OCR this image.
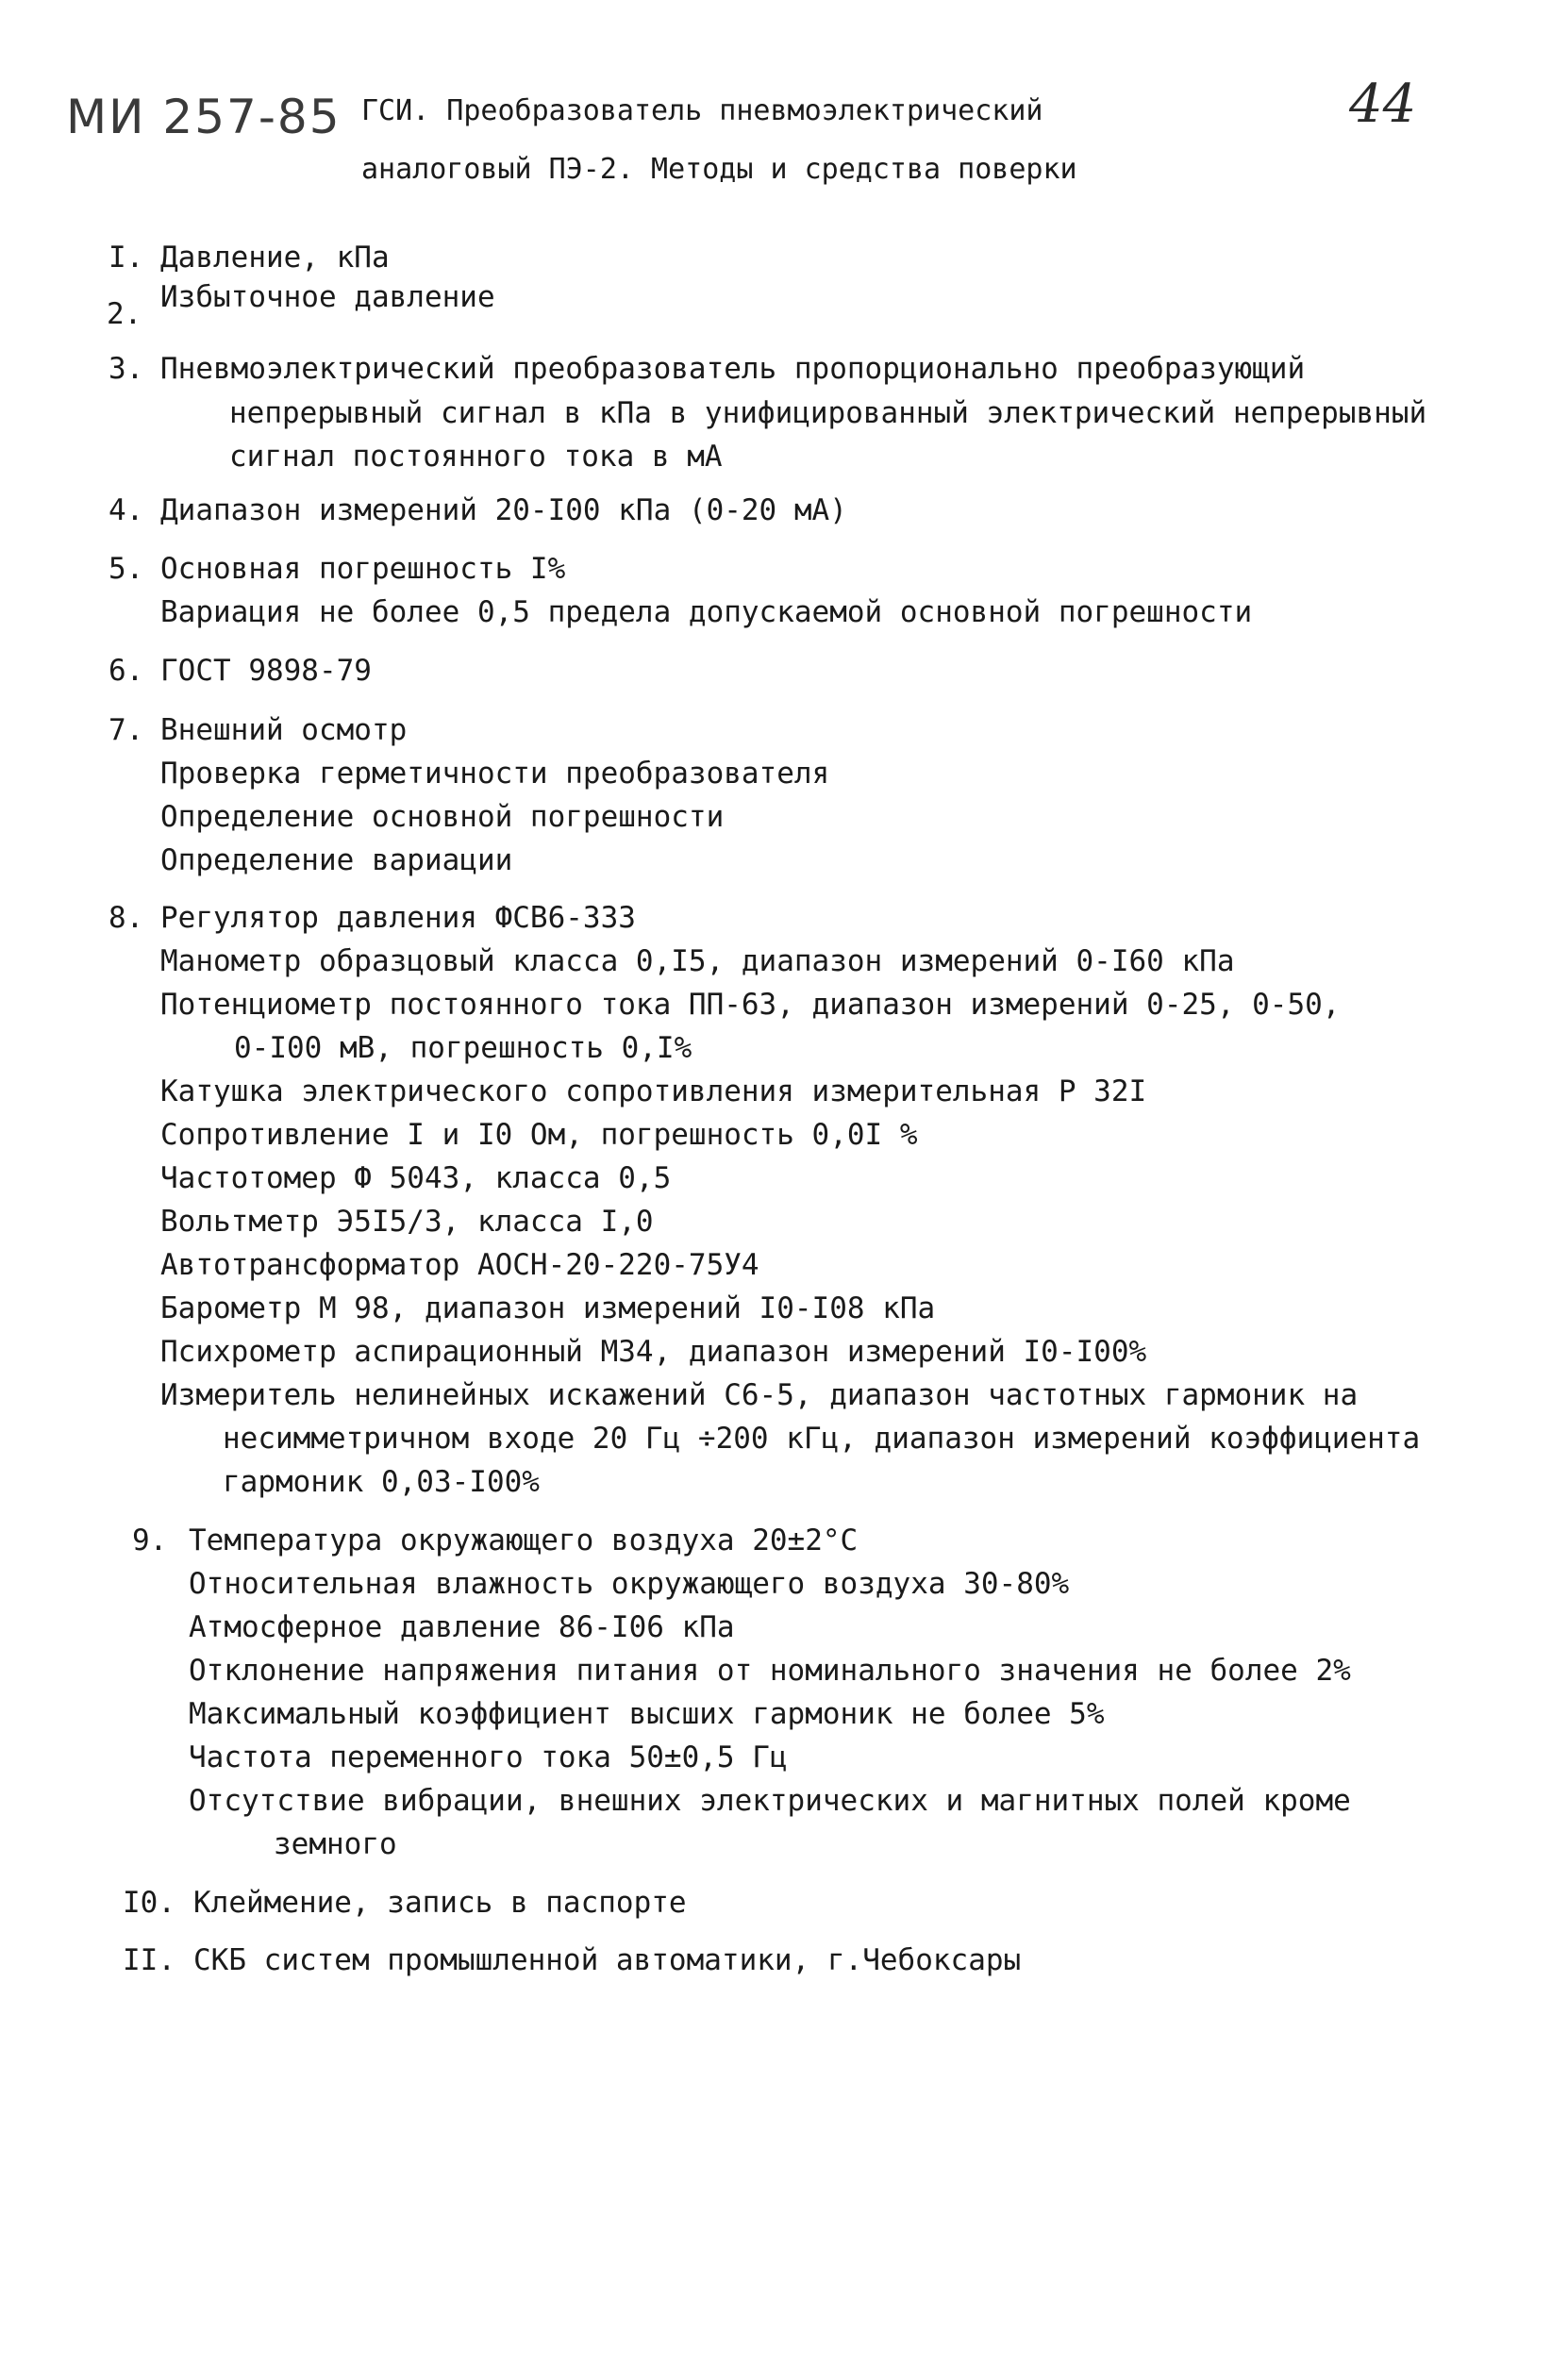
МИ 257-85 ГСИ. Преобразователь пневмоэлектрический
аналоговый ПЭ-2. Методы и средства поверки
44
I. Давление, кПа
2. Избыточное давление
3. Пневмоэлектрический преобразователь пропорционально преобразующий
непрерывный сигнал в кПа в унифицированный электрический непрерывный
сигнал постоянного тока в мА
4. Диапазон измерений 20-I00 кПа (0-20 мА)
5. Основная погрешность I%
Вариация не более 0,5 предела допускаемой основной погрешности
6. ГОСТ 9898-79
7. Внешний осмотр
Проверка герметичности преобразователя
Определение основной погрешности
Определение вариации
8. Регулятор давления ФСВ6-333
Манометр образцовый класса 0,I5, диапазон измерений 0-I60 кПа
Потенциометр постоянного тока ПП-63, диапазон измерений 0-25, 0-50,
0-I00 мВ, погрешность 0,I%
Катушка электрического сопротивления измерительная Р 32I
Сопротивление I и I0 Ом, погрешность 0,0I %
Частотомер Ф 5043, класса 0,5
Вольтметр Э5I5/3, класса I,0
Автотрансформатор АОСН-20-220-75У4
Барометр М 98, диапазон измерений I0-I08 кПа
Психрометр аспирационный М34, диапазон измерений I0-I00%
Измеритель нелинейных искажений С6-5, диапазон частотных гармоник на
несимметричном входе 20 Гц ÷200 кГц, диапазон измерений коэффициента
гармоник 0,03-I00%
9. Температура окружающего воздуха 20±2°C
Относительная влажность окружающего воздуха 30-80%
Атмосферное давление 86-I06 кПа
Отклонение напряжения питания от номинального значения не более 2%
Максимальный коэффициент высших гармоник не более 5%
Частота переменного тока 50±0,5 Гц
Отсутствие вибрации, внешних электрических и магнитных полей кроме
земного
I0. Клеймение, запись в паспорте
II. СКБ систем промышленной автоматики, г.Чебоксары
